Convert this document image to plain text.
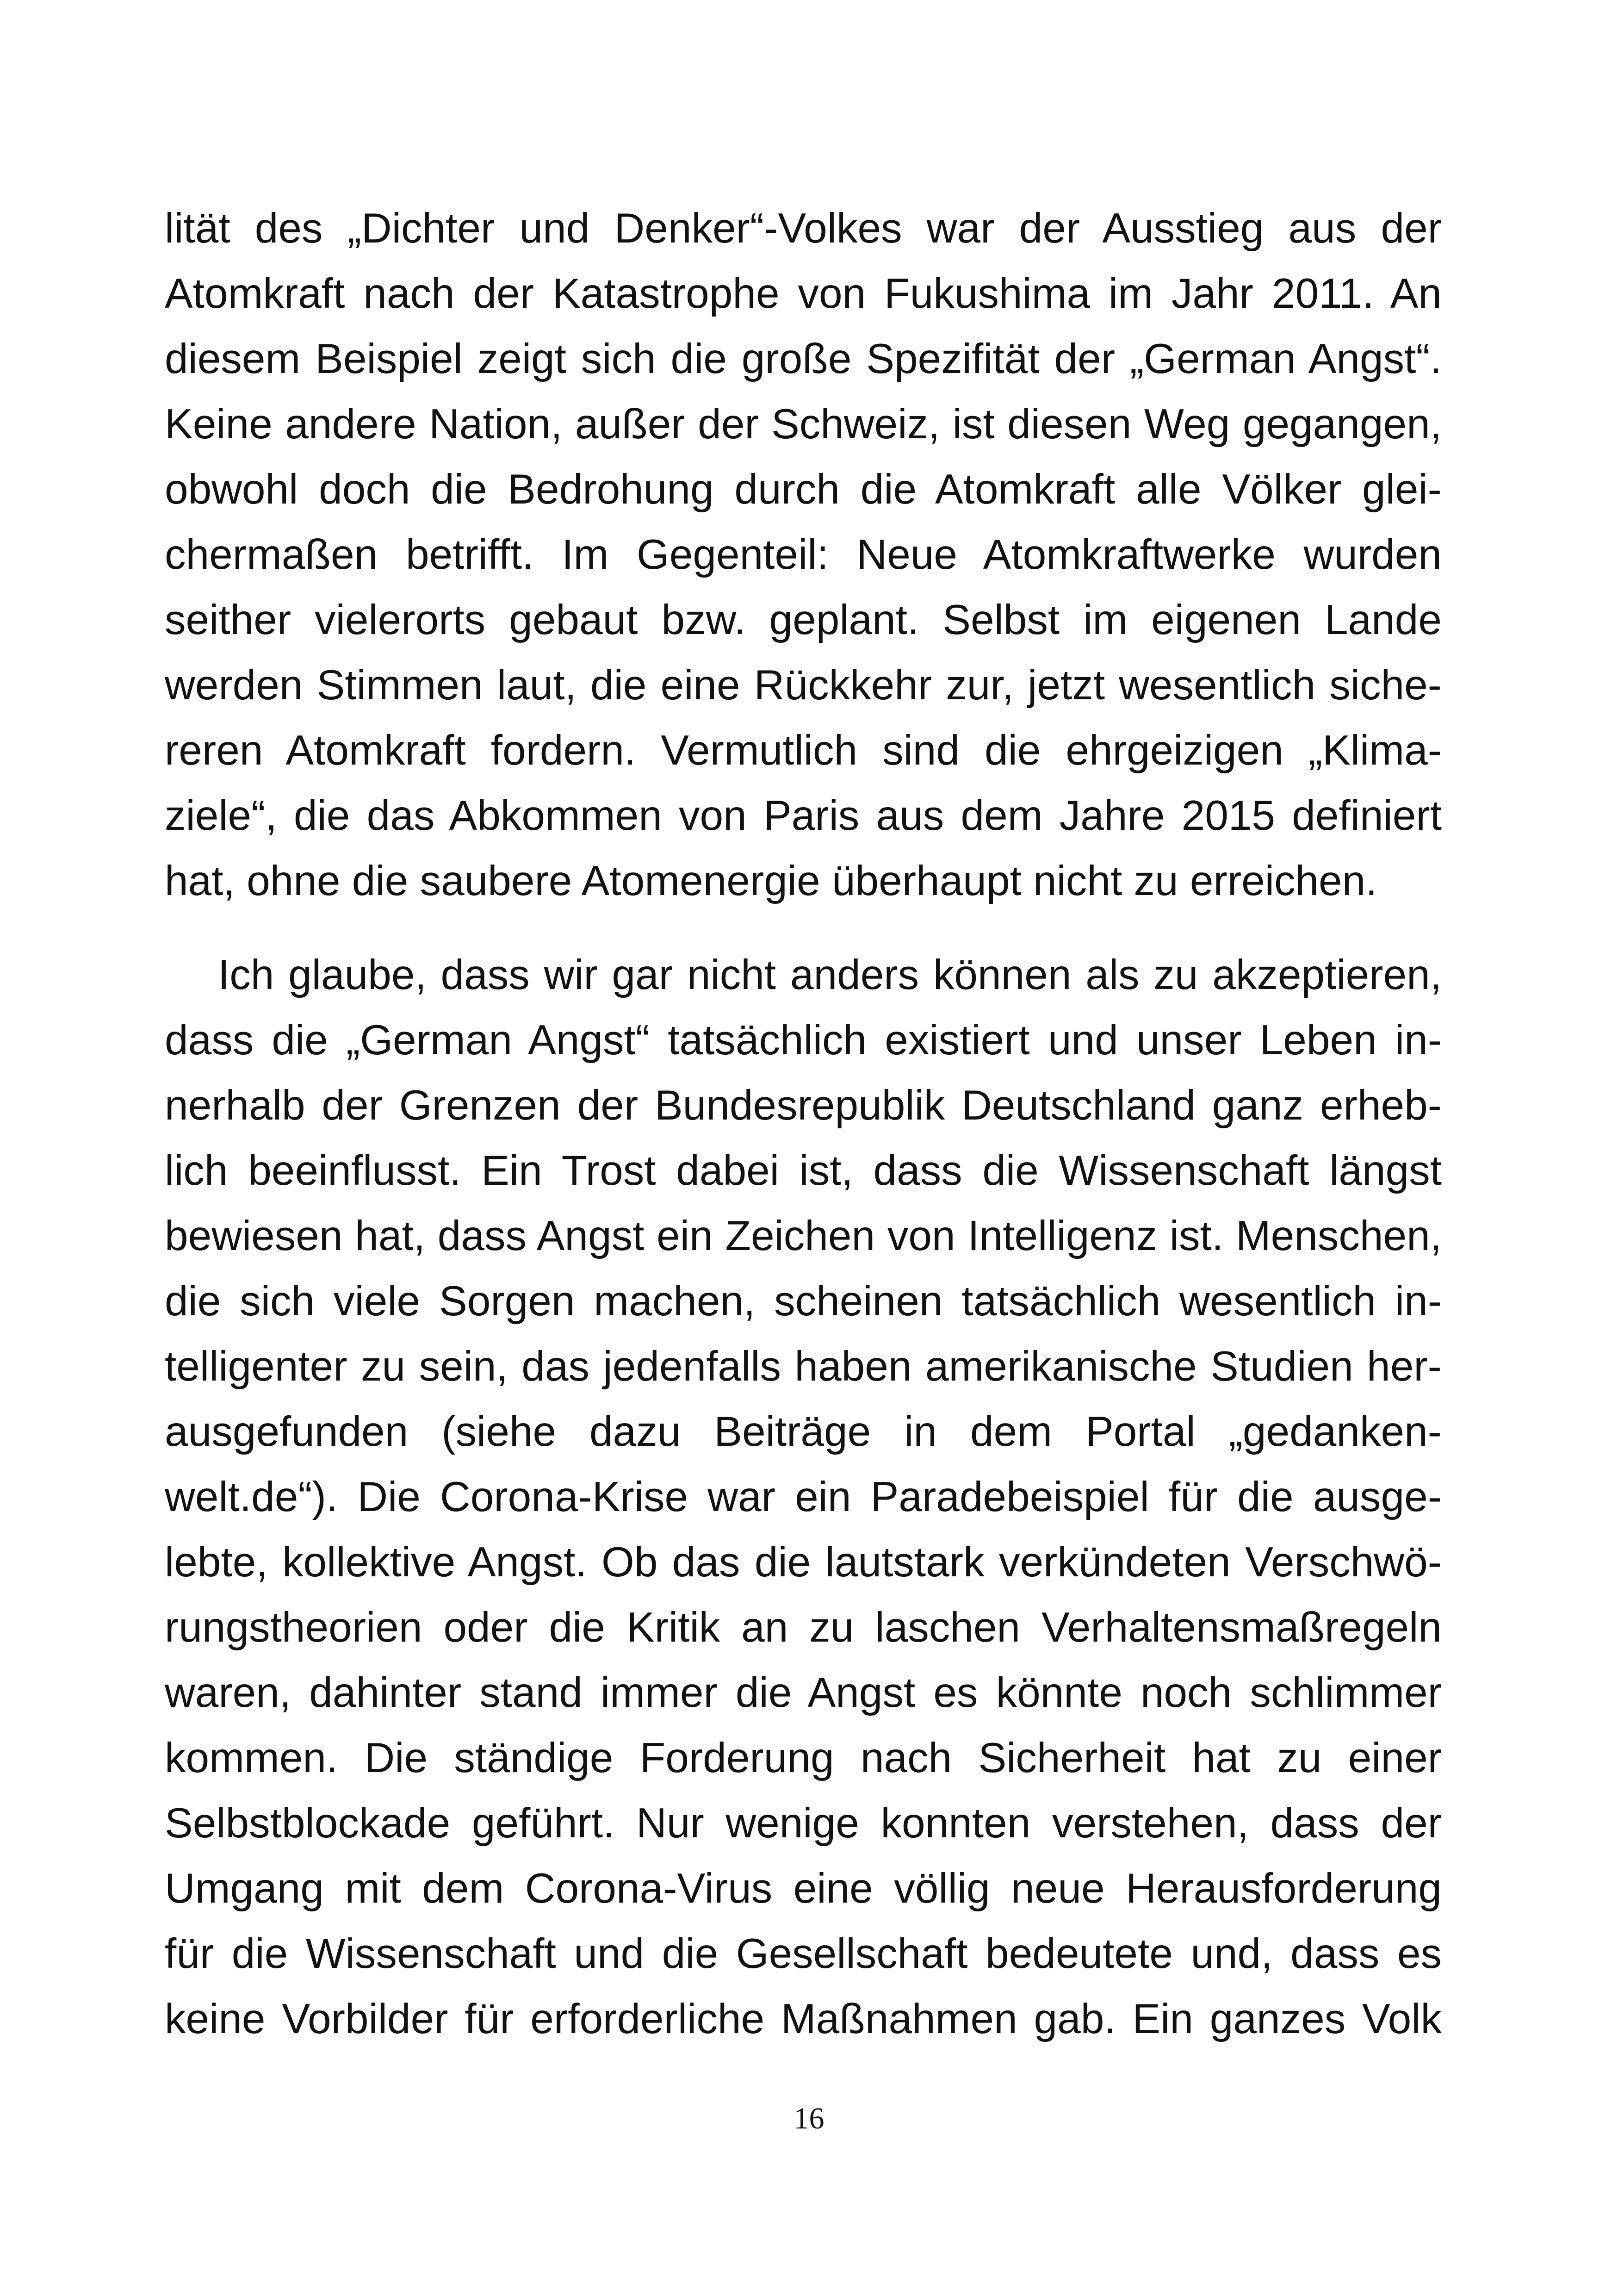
lität des „Dichter und Denker“-Volkes war der Ausstieg aus der
Atomkraft nach der Katastrophe von Fukushima im Jahr 2011. An
diesem Beispiel zeigt sich die große Spezifität der „German Angst“.
Keine andere Nation, außer der Schweiz, ist diesen Weg gegangen,
obwohl doch die Bedrohung durch die Atomkraft alle Völker glei-
chermaßen betrifft. Im Gegenteil: Neue Atomkraftwerke wurden
seither vielerorts gebaut bzw. geplant. Selbst im eigenen Lande
werden Stimmen laut, die eine Rückkehr zur, jetzt wesentlich siche-
reren Atomkraft fordern. Vermutlich sind die ehrgeizigen „Klima-
ziele“, die das Abkommen von Paris aus dem Jahre 2015 definiert
hat, ohne die saubere Atomenergie überhaupt nicht zu erreichen.
Ich glaube, dass wir gar nicht anders können als zu akzeptieren,
dass die „German Angst“ tatsächlich existiert und unser Leben in-
nerhalb der Grenzen der Bundesrepublik Deutschland ganz erheb-
lich beeinflusst. Ein Trost dabei ist, dass die Wissenschaft längst
bewiesen hat, dass Angst ein Zeichen von Intelligenz ist. Menschen,
die sich viele Sorgen machen, scheinen tatsächlich wesentlich in-
telligenter zu sein, das jedenfalls haben amerikanische Studien her-
ausgefunden (siehe dazu Beiträge in dem Portal „gedanken-
welt.de“). Die Corona-Krise war ein Paradebeispiel für die ausge-
lebte, kollektive Angst. Ob das die lautstark verkündeten Verschwö-
rungstheorien oder die Kritik an zu laschen Verhaltensmaßregeln
waren, dahinter stand immer die Angst es könnte noch schlimmer
kommen. Die ständige Forderung nach Sicherheit hat zu einer
Selbstblockade geführt. Nur wenige konnten verstehen, dass der
Umgang mit dem Corona-Virus eine völlig neue Herausforderung
für die Wissenschaft und die Gesellschaft bedeutete und, dass es
keine Vorbilder für erforderliche Maßnahmen gab. Ein ganzes Volk
16
